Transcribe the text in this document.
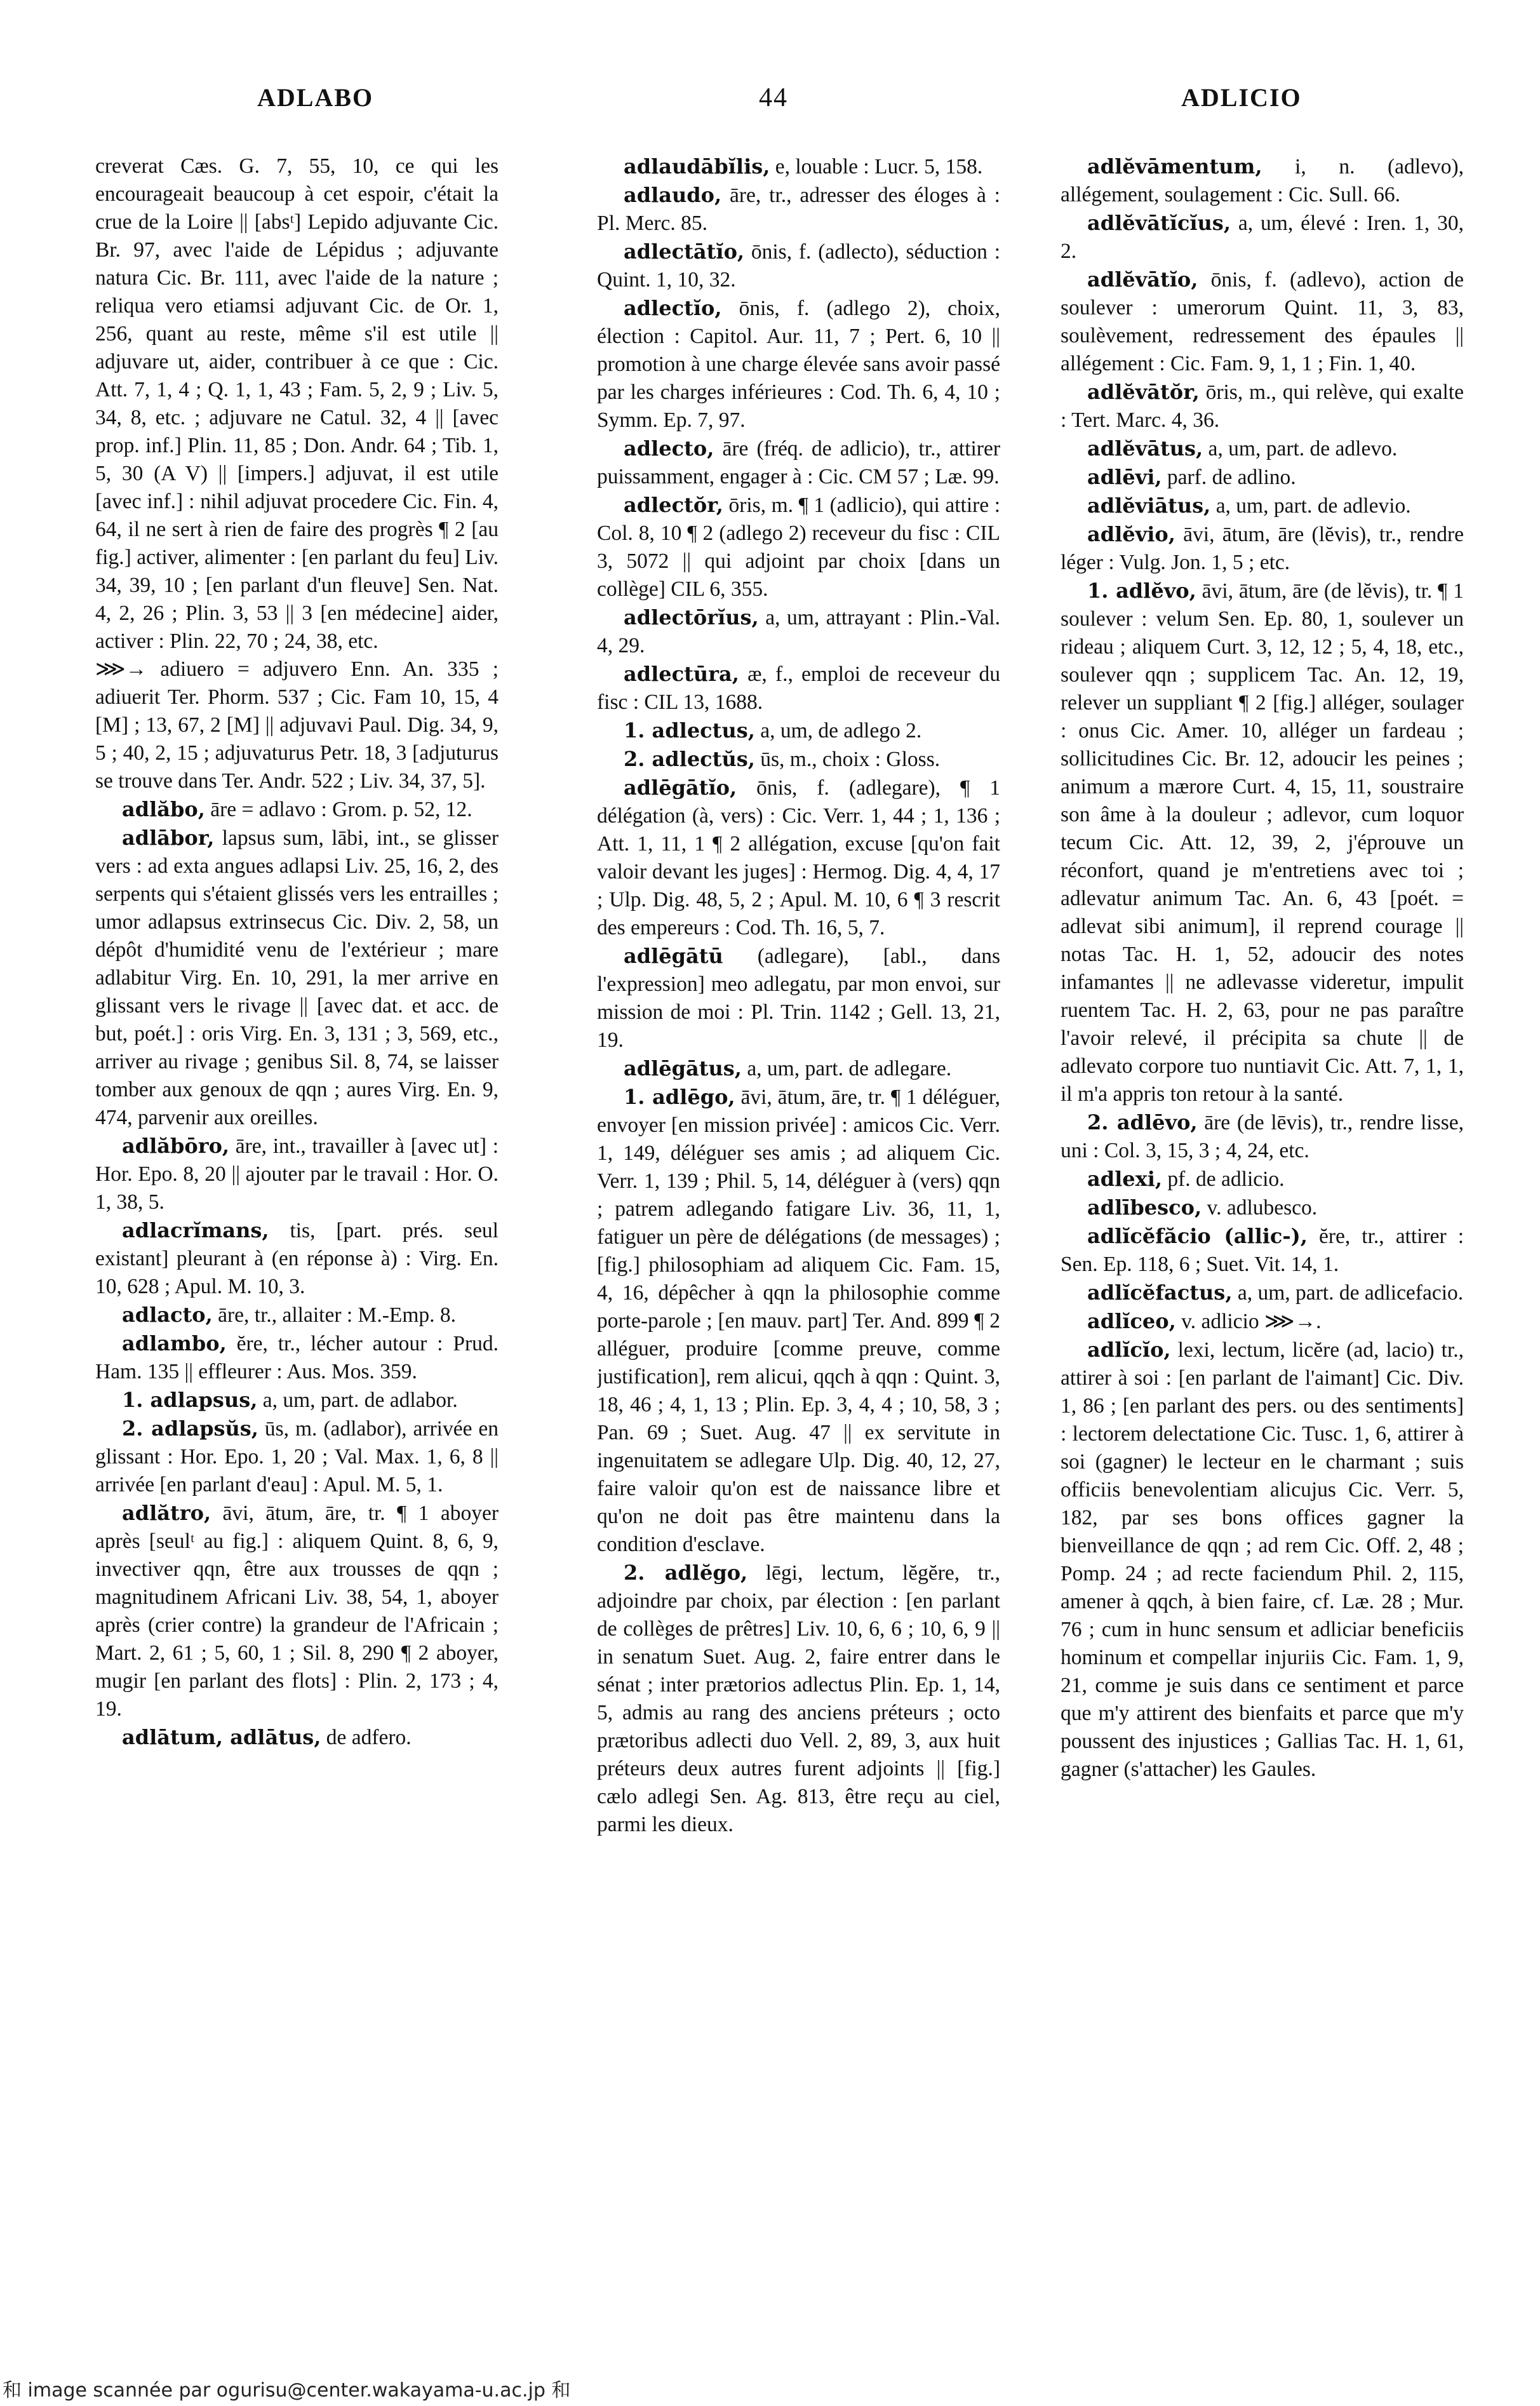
ADLABO	44	ADLICIO

creverat Cæs. G. 7, 55, 10, ce qui les encourageait beaucoup à cet espoir, c'était la crue de la Loire || [absᵗ] Lepido adjuvante Cic. Br. 97, avec l'aide de Lépidus ; adjuvante natura Cic. Br. 111, avec l'aide de la nature ; reliqua vero etiamsi adjuvant Cic. de Or. 1, 256, quant au reste, même s'il est utile || adjuvare ut, aider, contribuer à ce que : Cic. Att. 7, 1, 4 ; Q. 1, 1, 43 ; Fam. 5, 2, 9 ; Liv. 5, 34, 8, etc. ; adjuvare ne Catul. 32, 4 || [avec prop. inf.] Plin. 11, 85 ; Don. Andr. 64 ; Tib. 1, 5, 30 (A V) || [impers.] adjuvat, il est utile [avec inf.] : nihil adjuvat procedere Cic. Fin. 4, 64, il ne sert à rien de faire des progrès ¶ 2 [au fig.] activer, alimenter : [en parlant du feu] Liv. 34, 39, 10 ; [en parlant d'un fleuve] Sen. Nat. 4, 2, 26 ; Plin. 3, 53 || 3 [en médecine] aider, activer : Plin. 22, 70 ; 24, 38, etc.

⋙→ adiuero = adjuvero Enn. An. 335 ; adiuerit Ter. Phorm. 537 ; Cic. Fam 10, 15, 4 [M] ; 13, 67, 2 [M] || adjuvavi Paul. Dig. 34, 9, 5 ; 40, 2, 15 ; adjuvaturus Petr. 18, 3 [adjuturus se trouve dans Ter. Andr. 522 ; Liv. 34, 37, 5].

adlăbo, āre = adlavo : Grom. p. 52, 12.

adlābor, lapsus sum, lābi, int., se glisser vers : ad exta angues adlapsi Liv. 25, 16, 2, des serpents qui s'étaient glissés vers les entrailles ; umor adlapsus extrinsecus Cic. Div. 2, 58, un dépôt d'humidité venu de l'extérieur ; mare adlabitur Virg. En. 10, 291, la mer arrive en glissant vers le rivage || [avec dat. et acc. de but, poét.] : oris Virg. En. 3, 131 ; 3, 569, etc., arriver au rivage ; genibus Sil. 8, 74, se laisser tomber aux genoux de qqn ; aures Virg. En. 9, 474, parvenir aux oreilles.

adlăbōro, āre, int., travailler à [avec ut] : Hor. Epo. 8, 20 || ajouter par le travail : Hor. O. 1, 38, 5.

adlacrĭmans, tis, [part. prés. seul existant] pleurant à (en réponse à) : Virg. En. 10, 628 ; Apul. M. 10, 3.

adlacto, āre, tr., allaiter : M.-Emp. 8.

adlambo, ĕre, tr., lécher autour : Prud. Ham. 135 || effleurer : Aus. Mos. 359.

1. adlapsus, a, um, part. de adlabor.

2. adlapsŭs, ūs, m. (adlabor), arrivée en glissant : Hor. Epo. 1, 20 ; Val. Max. 1, 6, 8 || arrivée [en parlant d'eau] : Apul. M. 5, 1.

adlătro, āvi, ātum, āre, tr. ¶ 1 aboyer après [seulᵗ au fig.] : aliquem Quint. 8, 6, 9, invectiver qqn, être aux trousses de qqn ; magnitudinem Africani Liv. 38, 54, 1, aboyer après (crier contre) la grandeur de l'Africain ; Mart. 2, 61 ; 5, 60, 1 ; Sil. 8, 290 ¶ 2 aboyer, mugir [en parlant des flots] : Plin. 2, 173 ; 4, 19.

adlātum, adlātus, de adfero.

adlaudābĭlis, e, louable : Lucr. 5, 158.

adlaudo, āre, tr., adresser des éloges à : Pl. Merc. 85.

adlectātĭo, ōnis, f. (adlecto), séduction : Quint. 1, 10, 32.

adlectĭo, ōnis, f. (adlego 2), choix, élection : Capitol. Aur. 11, 7 ; Pert. 6, 10 || promotion à une charge élevée sans avoir passé par les charges inférieures : Cod. Th. 6, 4, 10 ; Symm. Ep. 7, 97.

adlecto, āre (fréq. de adlicio), tr., attirer puissamment, engager à : Cic. CM 57 ; Læ. 99.

adlectŏr, ōris, m. ¶ 1 (adlicio), qui attire : Col. 8, 10 ¶ 2 (adlego 2) receveur du fisc : CIL 3, 5072 || qui adjoint par choix [dans un collège] CIL 6, 355.

adlectōrĭus, a, um, attrayant : Plin.-Val. 4, 29.

adlectūra, æ, f., emploi de receveur du fisc : CIL 13, 1688.

1. adlectus, a, um, de adlego 2.

2. adlectŭs, ūs, m., choix : Gloss.

adlēgātĭo, ōnis, f. (adlegare), ¶ 1 délégation (à, vers) : Cic. Verr. 1, 44 ; 1, 136 ; Att. 1, 11, 1 ¶ 2 allégation, excuse [qu'on fait valoir devant les juges] : Hermog. Dig. 4, 4, 17 ; Ulp. Dig. 48, 5, 2 ; Apul. M. 10, 6 ¶ 3 rescrit des empereurs : Cod. Th. 16, 5, 7.

adlēgātū (adlegare), [abl., dans l'expression] meo adlegatu, par mon envoi, sur mission de moi : Pl. Trin. 1142 ; Gell. 13, 21, 19.

adlēgātus, a, um, part. de adlegare.

1. adlēgo, āvi, ātum, āre, tr. ¶ 1 déléguer, envoyer [en mission privée] : amicos Cic. Verr. 1, 149, déléguer ses amis ; ad aliquem Cic. Verr. 1, 139 ; Phil. 5, 14, déléguer à (vers) qqn ; patrem adlegando fatigare Liv. 36, 11, 1, fatiguer un père de délégations (de messages) ; [fig.] philosophiam ad aliquem Cic. Fam. 15, 4, 16, dépêcher à qqn la philosophie comme porte-parole ; [en mauv. part] Ter. And. 899 ¶ 2 alléguer, produire [comme preuve, comme justification], rem alicui, qqch à qqn : Quint. 3, 18, 46 ; 4, 1, 13 ; Plin. Ep. 3, 4, 4 ; 10, 58, 3 ; Pan. 69 ; Suet. Aug. 47 || ex servitute in ingenuitatem se adlegare Ulp. Dig. 40, 12, 27, faire valoir qu'on est de naissance libre et qu'on ne doit pas être maintenu dans la condition d'esclave.

2. adlĕgo, lēgi, lectum, lĕgĕre, tr., adjoindre par choix, par élection : [en parlant de collèges de prêtres] Liv. 10, 6, 6 ; 10, 6, 9 || in senatum Suet. Aug. 2, faire entrer dans le sénat ; inter prætorios adlectus Plin. Ep. 1, 14, 5, admis au rang des anciens préteurs ; octo prætoribus adlecti duo Vell. 2, 89, 3, aux huit préteurs deux autres furent adjoints || [fig.] cælo adlegi Sen. Ag. 813, être reçu au ciel, parmi les dieux.

adlĕvāmentum, i, n. (adlevo), allégement, soulagement : Cic. Sull. 66.

adlĕvātĭcĭus, a, um, élevé : Iren. 1, 30, 2.

adlĕvātĭo, ōnis, f. (adlevo), action de soulever : umerorum Quint. 11, 3, 83, soulèvement, redressement des épaules || allégement : Cic. Fam. 9, 1, 1 ; Fin. 1, 40.

adlĕvātŏr, ōris, m., qui relève, qui exalte : Tert. Marc. 4, 36.

adlĕvātus, a, um, part. de adlevo.

adlēvi, parf. de adlino.

adlĕviātus, a, um, part. de adlevio.

adlĕvio, āvi, ātum, āre (lĕvis), tr., rendre léger : Vulg. Jon. 1, 5 ; etc.

1. adlĕvo, āvi, ātum, āre (de lĕvis), tr. ¶ 1 soulever : velum Sen. Ep. 80, 1, soulever un rideau ; aliquem Curt. 3, 12, 12 ; 5, 4, 18, etc., soulever qqn ; supplicem Tac. An. 12, 19, relever un suppliant ¶ 2 [fig.] alléger, soulager : onus Cic. Amer. 10, alléger un fardeau ; sollicitudines Cic. Br. 12, adoucir les peines ; animum a mærore Curt. 4, 15, 11, soustraire son âme à la douleur ; adlevor, cum loquor tecum Cic. Att. 12, 39, 2, j'éprouve un réconfort, quand je m'entretiens avec toi ; adlevatur animum Tac. An. 6, 43 [poét. = adlevat sibi animum], il reprend courage || notas Tac. H. 1, 52, adoucir des notes infamantes || ne adlevasse videretur, impulit ruentem Tac. H. 2, 63, pour ne pas paraître l'avoir relevé, il précipita sa chute || de adlevato corpore tuo nuntiavit Cic. Att. 7, 1, 1, il m'a appris ton retour à la santé.

2. adlēvo, āre (de lēvis), tr., rendre lisse, uni : Col. 3, 15, 3 ; 4, 24, etc.

adlexi, pf. de adlicio.

adlībesco, v. adlubesco.

adlĭcĕfăcio (allic-), ĕre, tr., attirer : Sen. Ep. 118, 6 ; Suet. Vit. 14, 1.

adlĭcĕfactus, a, um, part. de adlicefacio.

adlĭceo, v. adlicio ⋙→.

adlĭcĭo, lexi, lectum, licĕre (ad, lacio) tr., attirer à soi : [en parlant de l'aimant] Cic. Div. 1, 86 ; [en parlant des pers. ou des sentiments] : lectorem delectatione Cic. Tusc. 1, 6, attirer à soi (gagner) le lecteur en le charmant ; suis officiis benevolentiam alicujus Cic. Verr. 5, 182, par ses bons offices gagner la bienveillance de qqn ; ad rem Cic. Off. 2, 48 ; Pomp. 24 ; ad recte faciendum Phil. 2, 115, amener à qqch, à bien faire, cf. Læ. 28 ; Mur. 76 ; cum in hunc sensum et adliciar beneficiis hominum et compellar injuriis Cic. Fam. 1, 9, 21, comme je suis dans ce sentiment et parce que m'y attirent des bienfaits et parce que m'y poussent des injustices ; Gallias Tac. H. 1, 61, gagner (s'attacher) les Gaules.

和 image scannée par ogurisu@center.wakayama-u.ac.jp 和
